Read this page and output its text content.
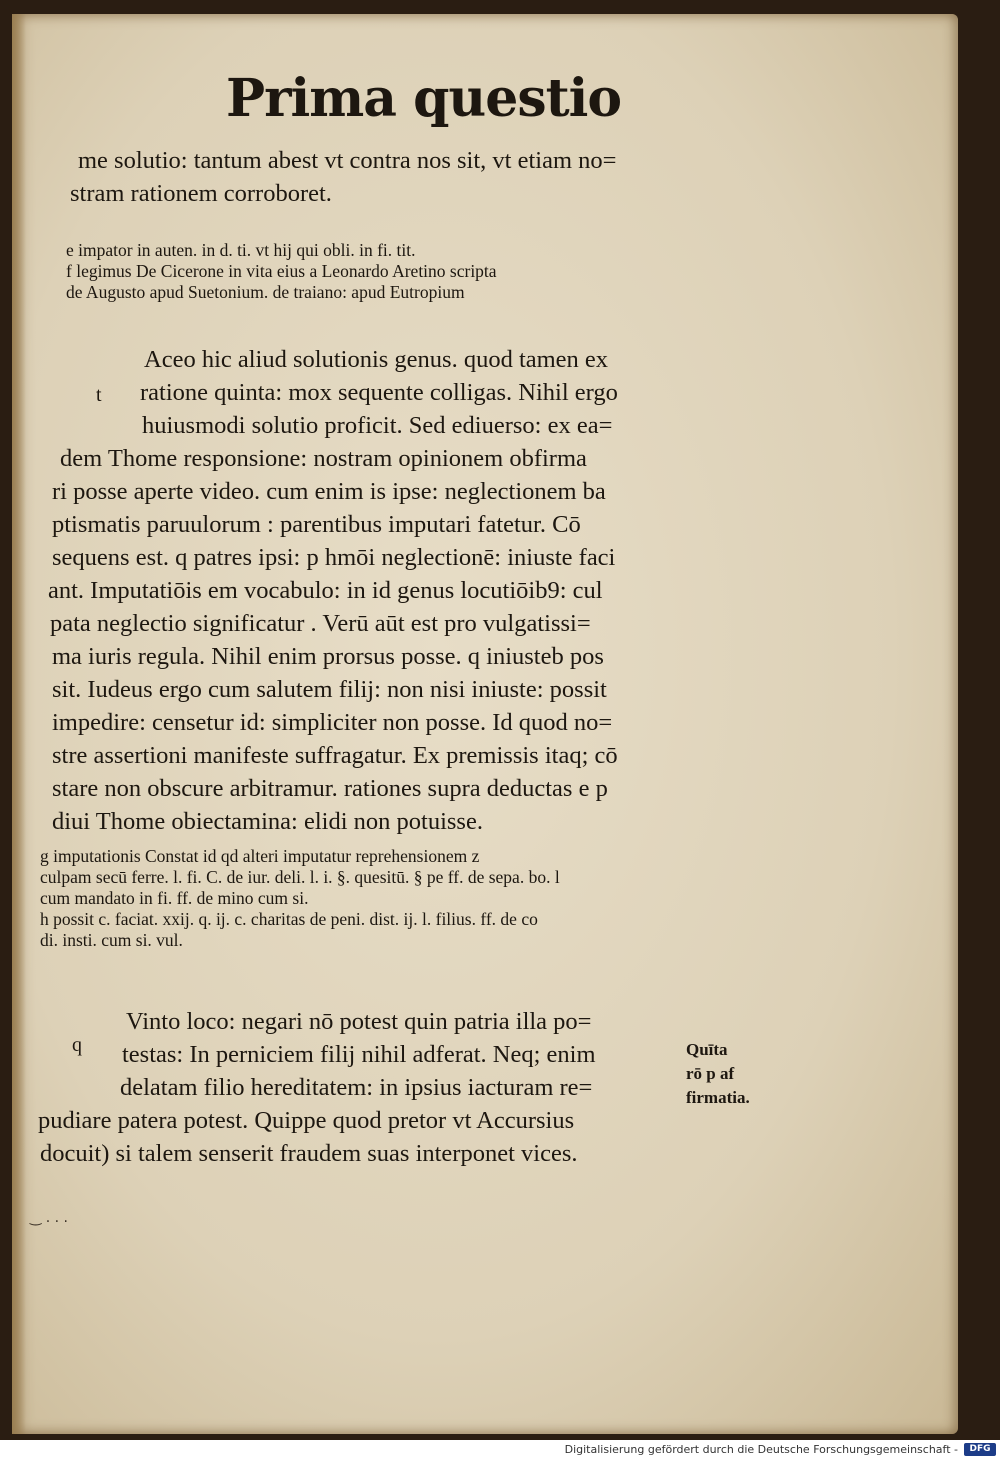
Prima questio
me solutio: tantum abest vt contra nos sit, vt etiam no=
stram rationem corroboret.
e impator in auten. in d. ti. vt hij qui obli. in fi. tit.
f legimus De Cicerone in vita eius a Leonardo Aretino scripta
de Augusto apud Suetonium. de traiano: apud Eutropium
t
Aceo hic aliud solutionis genus. quod tamen ex
ratione quinta: mox sequente colligas. Nihil ergo
huiusmodi solutio proficit. Sed ediuerso: ex ea=
dem Thome responsione: nostram opinionem obfirma
ri posse aperte video. cum enim is ipse: neglectionem ba
ptismatis paruulorum : parentibus imputari fatetur. Cō
sequens est. q patres ipsi: p hmōi neglectionē: iniuste faci
ant. Imputatiōis em vocabulo: in id genus locutiōib9: cul
pata neglectio significatur . Verū aūt est pro vulgatissi=
ma iuris regula. Nihil enim prorsus posse. q iniusteb pos
sit. Iudeus ergo cum salutem filij: non nisi iniuste: possit
impedire: censetur id: simpliciter non posse. Id quod no=
stre assertioni manifeste suffragatur. Ex premissis itaq; cō
stare non obscure arbitramur. rationes supra deductas e p
diui Thome obiectamina: elidi non potuisse.
g imputationis Constat id qd alteri imputatur reprehensionem z
culpam secū ferre. l. fi. C. de iur. deli. l. i. §. quesitū. § pe ff. de sepa. bo. l
cum mandato in fi. ff. de mino cum si.
h possit c. faciat. xxij. q. ij. c. charitas de peni. dist. ij. l. filius. ff. de co
di. insti. cum si. vul.
q
Vinto loco: negari nō potest quin patria illa po=
testas: In perniciem filij nihil adferat. Neq; enim
delatam filio hereditatem: in ipsius iacturam re=
pudiare patera potest. Quippe quod pretor vt Accursius
docuit) si talem senserit fraudem suas interponet vices.
Quīta
rō p af
firmatia.
‿ . . .
Digitalisierung gefördert durch die Deutsche Forschungsgemeinschaft -	DFG
